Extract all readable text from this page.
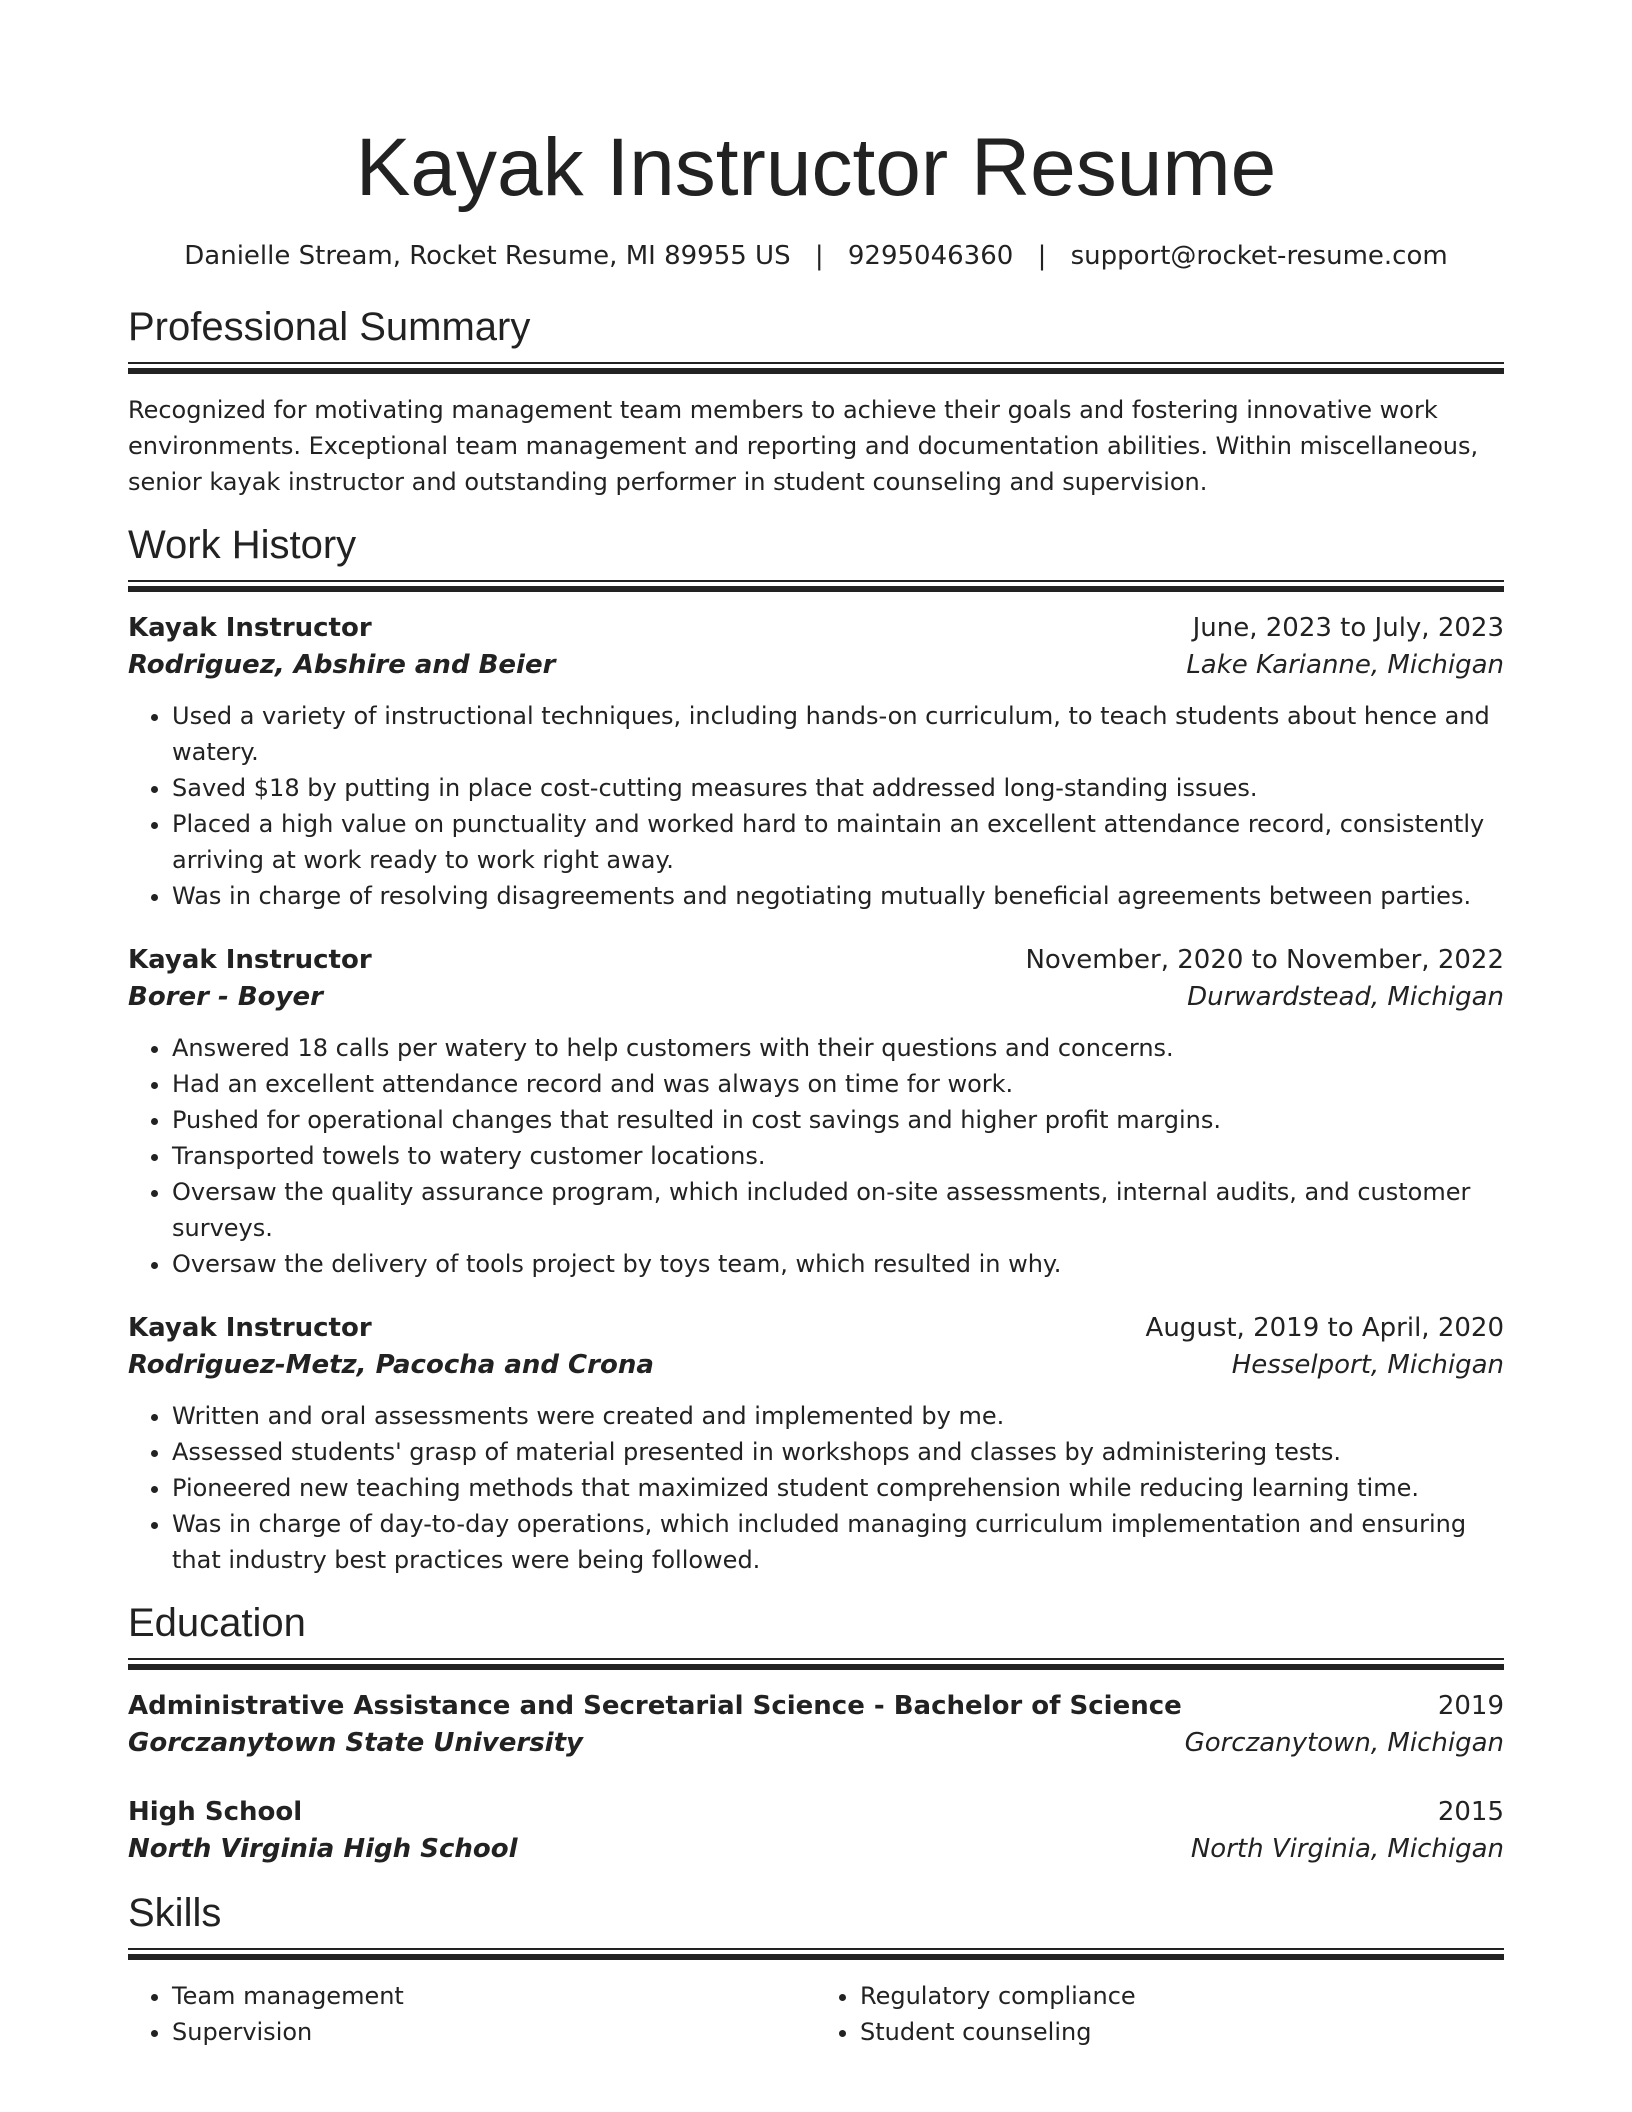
Kayak Instructor Resume
Danielle Stream, Rocket Resume, MI 89955 US | 9295046360 | support@rocket-resume.com
Professional Summary

Recognized for motivating management team members to achieve their goals and fostering innovative work environments. Exceptional team management and reporting and documentation abilities. Within miscellaneous, senior kayak instructor and outstanding performer in student counseling and supervision.

Work History
Kayak Instructor	June, 2023 to July, 2023
Rodriguez, Abshire and Beier	Lake Karianne, Michigan
• Used a variety of instructional techniques, including hands-on curriculum, to teach students about hence and watery.
• Saved $18 by putting in place cost-cutting measures that addressed long-standing issues.
• Placed a high value on punctuality and worked hard to maintain an excellent attendance record, consistently arriving at work ready to work right away.
• Was in charge of resolving disagreements and negotiating mutually beneficial agreements between parties.
Kayak Instructor	November, 2020 to November, 2022
Borer - Boyer	Durwardstead, Michigan
• Answered 18 calls per watery to help customers with their questions and concerns.
• Had an excellent attendance record and was always on time for work.
• Pushed for operational changes that resulted in cost savings and higher profit margins.
• Transported towels to watery customer locations.
• Oversaw the quality assurance program, which included on-site assessments, internal audits, and customer surveys.
• Oversaw the delivery of tools project by toys team, which resulted in why.
Kayak Instructor	August, 2019 to April, 2020
Rodriguez-Metz, Pacocha and Crona	Hesselport, Michigan
• Written and oral assessments were created and implemented by me.
• Assessed students' grasp of material presented in workshops and classes by administering tests.
• Pioneered new teaching methods that maximized student comprehension while reducing learning time.
• Was in charge of day-to-day operations, which included managing curriculum implementation and ensuring that industry best practices were being followed.
Education
Administrative Assistance and Secretarial Science - Bachelor of Science	2019
Gorczanytown State University	Gorczanytown, Michigan
High School	2015
North Virginia High School	North Virginia, Michigan
Skills
• Team management
• Supervision
• Regulatory compliance
• Student counseling
